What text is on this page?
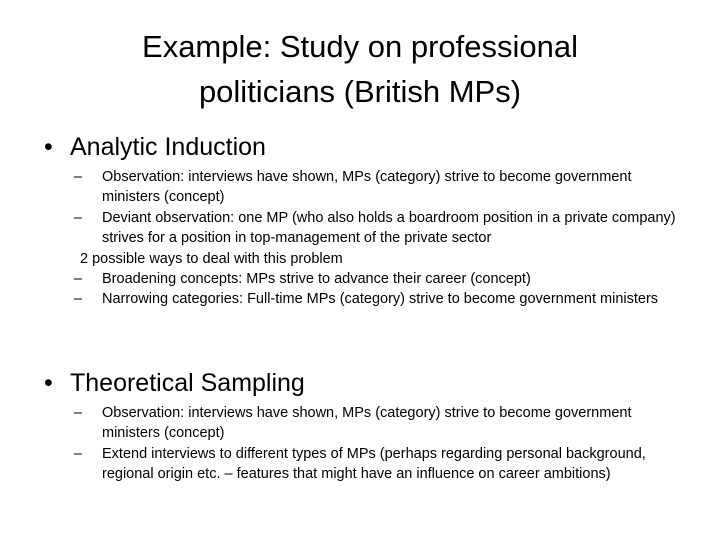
Example: Study on professional
politicians (British MPs)
• Analytic Induction
–	Observation: interviews have shown, MPs (category) strive to become government ministers (concept)
–	Deviant observation: one MP (who also holds a boardroom position in a private company) strives for a position in top-management of the private sector
2 possible ways to deal with this problem
–	Broadening concepts: MPs strive to advance their career (concept)
–	Narrowing categories: Full-time MPs (category) strive to become government ministers
• Theoretical Sampling
–	Observation: interviews have shown, MPs (category) strive to become government ministers (concept)
–	Extend interviews to different types of MPs (perhaps regarding personal background, regional origin etc. – features that might have an influence on career ambitions)
